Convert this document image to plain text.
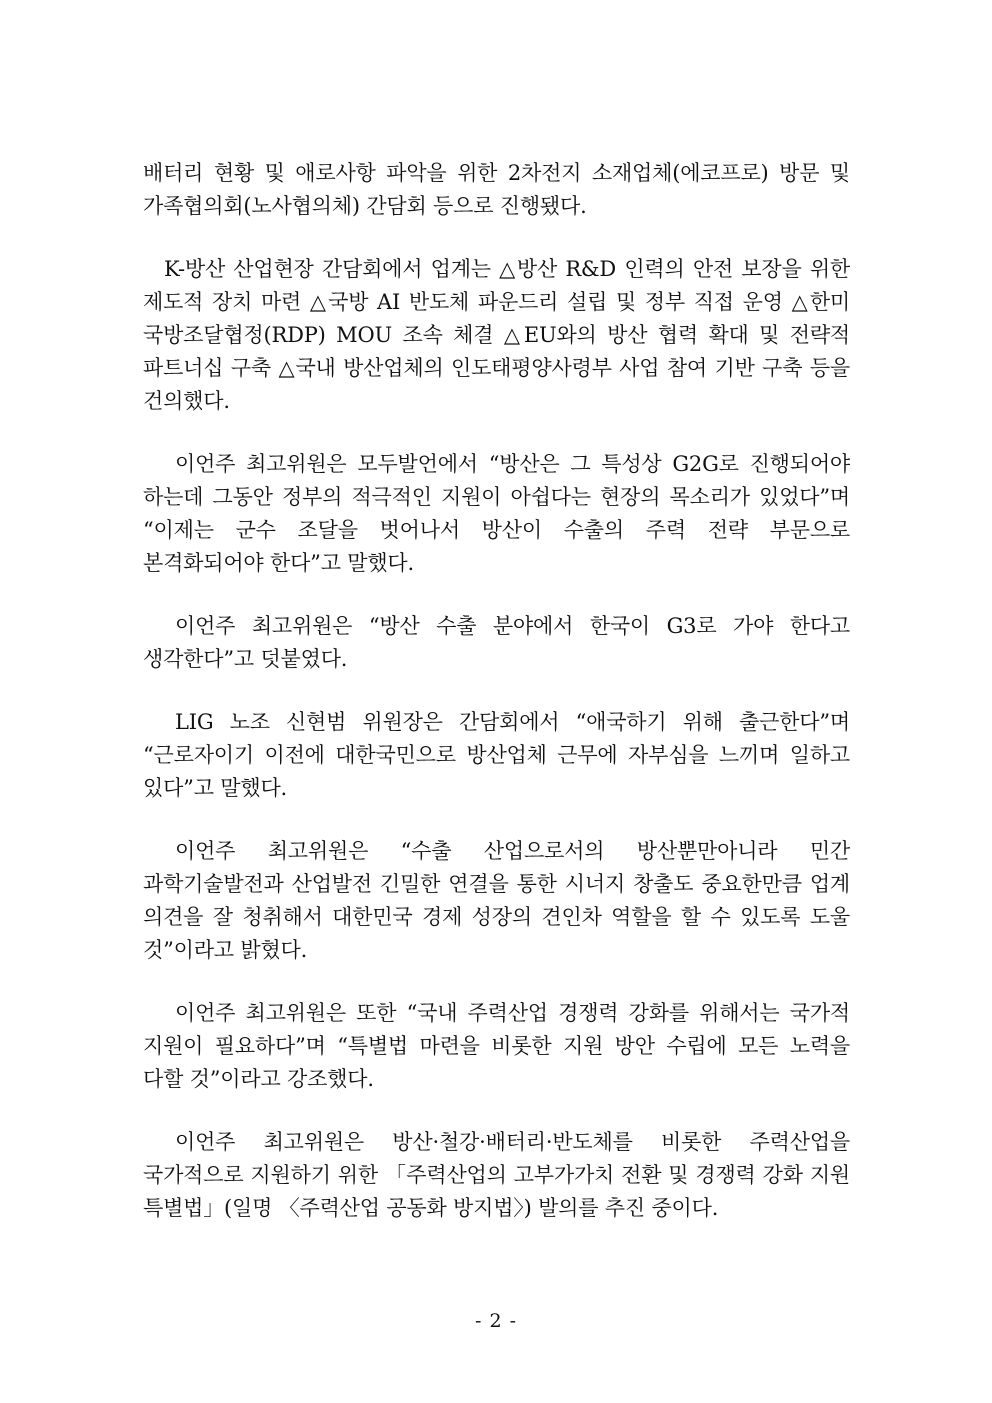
배터리 현황 및 애로사항 파악을 위한 2차전지 소재업체(에코프로) 방문 및 가족협의회(노사협의체) 간담회 등으로 진행됐다.

K-방산 산업현장 간담회에서 업계는 △방산 R&D 인력의 안전 보장을 위한 제도적 장치 마련 △국방 AI 반도체 파운드리 설립 및 정부 직접 운영 △한미 국방조달협정(RDP) MOU 조속 체결 △EU와의 방산 협력 확대 및 전략적 파트너십 구축 △국내 방산업체의 인도태평양사령부 사업 참여 기반 구축 등을 건의했다.

이언주 최고위원은 모두발언에서 “방산은 그 특성상 G2G로 진행되어야 하는데 그동안 정부의 적극적인 지원이 아쉽다는 현장의 목소리가 있었다”며 “이제는 군수 조달을 벗어나서 방산이 수출의 주력 전략 부문으로 본격화되어야 한다”고 말했다.

이언주 최고위원은 “방산 수출 분야에서 한국이 G3로 가야 한다고 생각한다”고 덧붙였다.

LIG 노조 신현범 위원장은 간담회에서 “애국하기 위해 출근한다”며 “근로자이기 이전에 대한국민으로 방산업체 근무에 자부심을 느끼며 일하고 있다”고 말했다.

이언주 최고위원은 “수출 산업으로서의 방산뿐만아니라 민간 과학기술발전과 산업발전 긴밀한 연결을 통한 시너지 창출도 중요한만큼 업계 의견을 잘 청취해서 대한민국 경제 성장의 견인차 역할을 할 수 있도록 도울 것”이라고 밝혔다.

이언주 최고위원은 또한 “국내 주력산업 경쟁력 강화를 위해서는 국가적 지원이 필요하다”며 “특별법 마련을 비롯한 지원 방안 수립에 모든 노력을 다할 것”이라고 강조했다.

이언주 최고위원은 방산·철강·배터리·반도체를 비롯한 주력산업을 국가적으로 지원하기 위한 「주력산업의 고부가가치 전환 및 경쟁력 강화 지원 특별법」(일명 〈주력산업 공동화 방지법〉) 발의를 추진 중이다.

- 2 -
